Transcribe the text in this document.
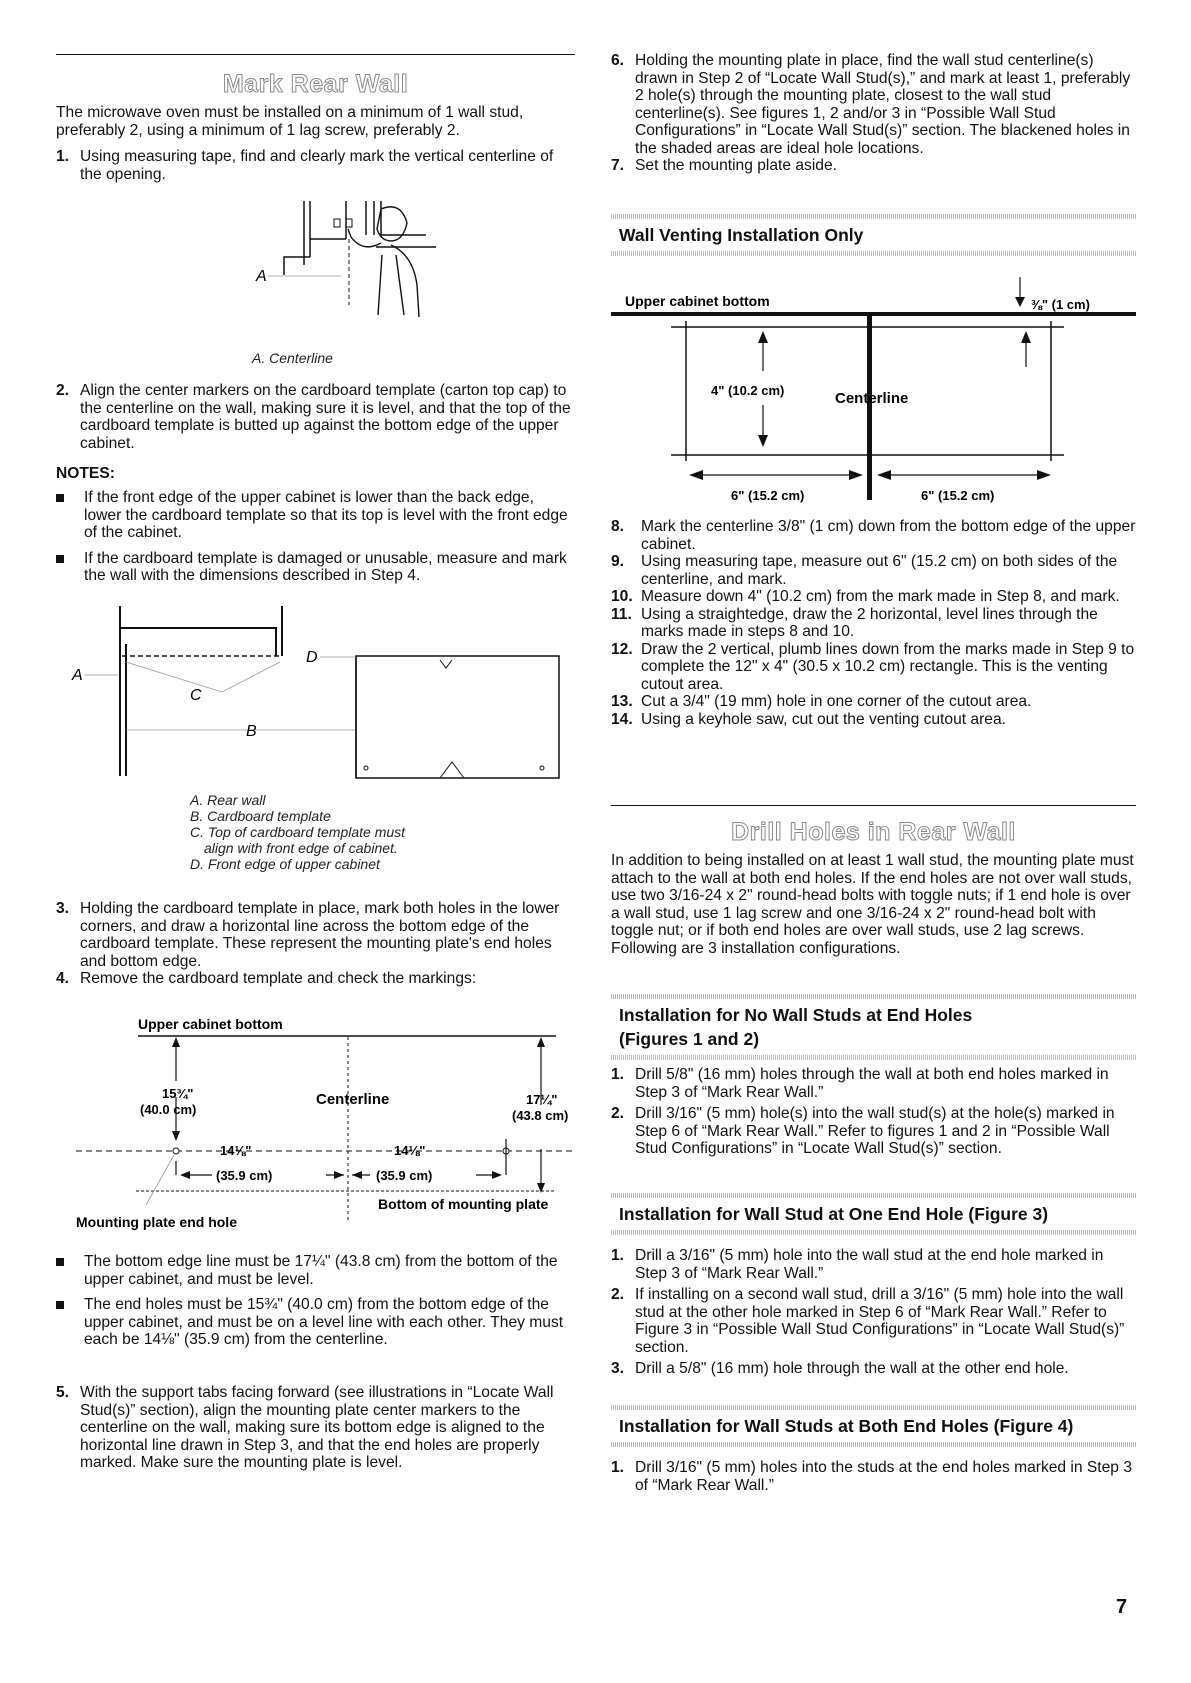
Mark Rear Wall

The microwave oven must be installed on a minimum of 1 wall stud, preferably 2, using a minimum of 1 lag screw, preferably 2.

1. Using measuring tape, find and clearly mark the vertical centerline of the opening.
A
A. Centerline
2. Align the center markers on the cardboard template (carton top cap) to the centerline on the wall, making sure it is level, and that the top of the cardboard template is butted up against the bottom edge of the upper cabinet.
NOTES:
If the front edge of the upper cabinet is lower than the back edge, lower the cardboard template so that its top is level with the front edge of the cabinet.
If the cardboard template is damaged or unusable, measure and mark the wall with the dimensions described in Step 4.
A
C
B
D
A. Rear wall
B. Cardboard template
C. Top of cardboard template must
align with front edge of cabinet.
D. Front edge of upper cabinet
3. Holding the cardboard template in place, mark both holes in the lower corners, and draw a horizontal line across the bottom edge of the cardboard template. These represent the mounting plate's end holes and bottom edge.
4. Remove the cardboard template and check the markings:
Upper cabinet bottom
15¾"
(40.0 cm)
Centerline	17¼"
(43.8 cm)
14⅛"	14⅛"
(35.9 cm)	(35.9 cm)
Bottom of mounting plate
Mounting plate end hole
The bottom edge line must be 17¼" (43.8 cm) from the bottom of the upper cabinet, and must be level.
The end holes must be 15¾" (40.0 cm) from the bottom edge of the upper cabinet, and must be on a level line with each other. They must each be 14⅛" (35.9 cm) from the centerline.
5. With the support tabs facing forward (see illustrations in “Locate Wall Stud(s)” section), align the mounting plate center markers to the centerline on the wall, making sure its bottom edge is aligned to the horizontal line drawn in Step 3, and that the end holes are properly marked. Make sure the mounting plate is level.
6. Holding the mounting plate in place, find the wall stud centerline(s) drawn in Step 2 of “Locate Wall Stud(s),” and mark at least 1, preferably 2 hole(s) through the mounting plate, closest to the wall stud centerline(s). See figures 1, 2 and/or 3 in “Possible Wall Stud Configurations” in “Locate Wall Stud(s)” section. The blackened holes in the shaded areas are ideal hole locations.
7. Set the mounting plate aside.
Wall Venting Installation Only
Upper cabinet bottom	⅜" (1 cm)
4" (10.2 cm)	Centerline
6" (15.2 cm)	6" (15.2 cm)
8. Mark the centerline 3/8" (1 cm) down from the bottom edge of the upper cabinet.
9. Using measuring tape, measure out 6" (15.2 cm) on both sides of the centerline, and mark.
10. Measure down 4" (10.2 cm) from the mark made in Step 8, and mark.
11. Using a straightedge, draw the 2 horizontal, level lines through the marks made in steps 8 and 10.
12. Draw the 2 vertical, plumb lines down from the marks made in Step 9 to complete the 12" x 4" (30.5 x 10.2 cm) rectangle. This is the venting cutout area.
13. Cut a 3/4" (19 mm) hole in one corner of the cutout area.
14. Using a keyhole saw, cut out the venting cutout area.
Drill Holes in Rear Wall

In addition to being installed on at least 1 wall stud, the mounting plate must attach to the wall at both end holes. If the end holes are not over wall studs, use two 3/16-24 x 2" round-head bolts with toggle nuts; if 1 end hole is over a wall stud, use 1 lag screw and one 3/16-24 x 2" round-head bolt with toggle nut; or if both end holes are over wall studs, use 2 lag screws. Following are 3 installation configurations.

Installation for No Wall Studs at End Holes
(Figures 1 and 2)
1. Drill 5/8" (16 mm) holes through the wall at both end holes marked in Step 3 of “Mark Rear Wall.”
2. Drill 3/16" (5 mm) hole(s) into the wall stud(s) at the hole(s) marked in Step 6 of “Mark Rear Wall.” Refer to figures 1 and 2 in “Possible Wall Stud Configurations” in “Locate Wall Stud(s)” section.
Installation for Wall Stud at One End Hole (Figure 3)
1. Drill a 3/16" (5 mm) hole into the wall stud at the end hole marked in Step 3 of “Mark Rear Wall.”
2. If installing on a second wall stud, drill a 3/16" (5 mm) hole into the wall stud at the other hole marked in Step 6 of “Mark Rear Wall.” Refer to Figure 3 in “Possible Wall Stud Configurations” in “Locate Wall Stud(s)” section.
3. Drill a 5/8" (16 mm) hole through the wall at the other end hole.
Installation for Wall Studs at Both End Holes (Figure 4)
1. Drill 3/16" (5 mm) holes into the studs at the end holes marked in Step 3 of “Mark Rear Wall.”
7
